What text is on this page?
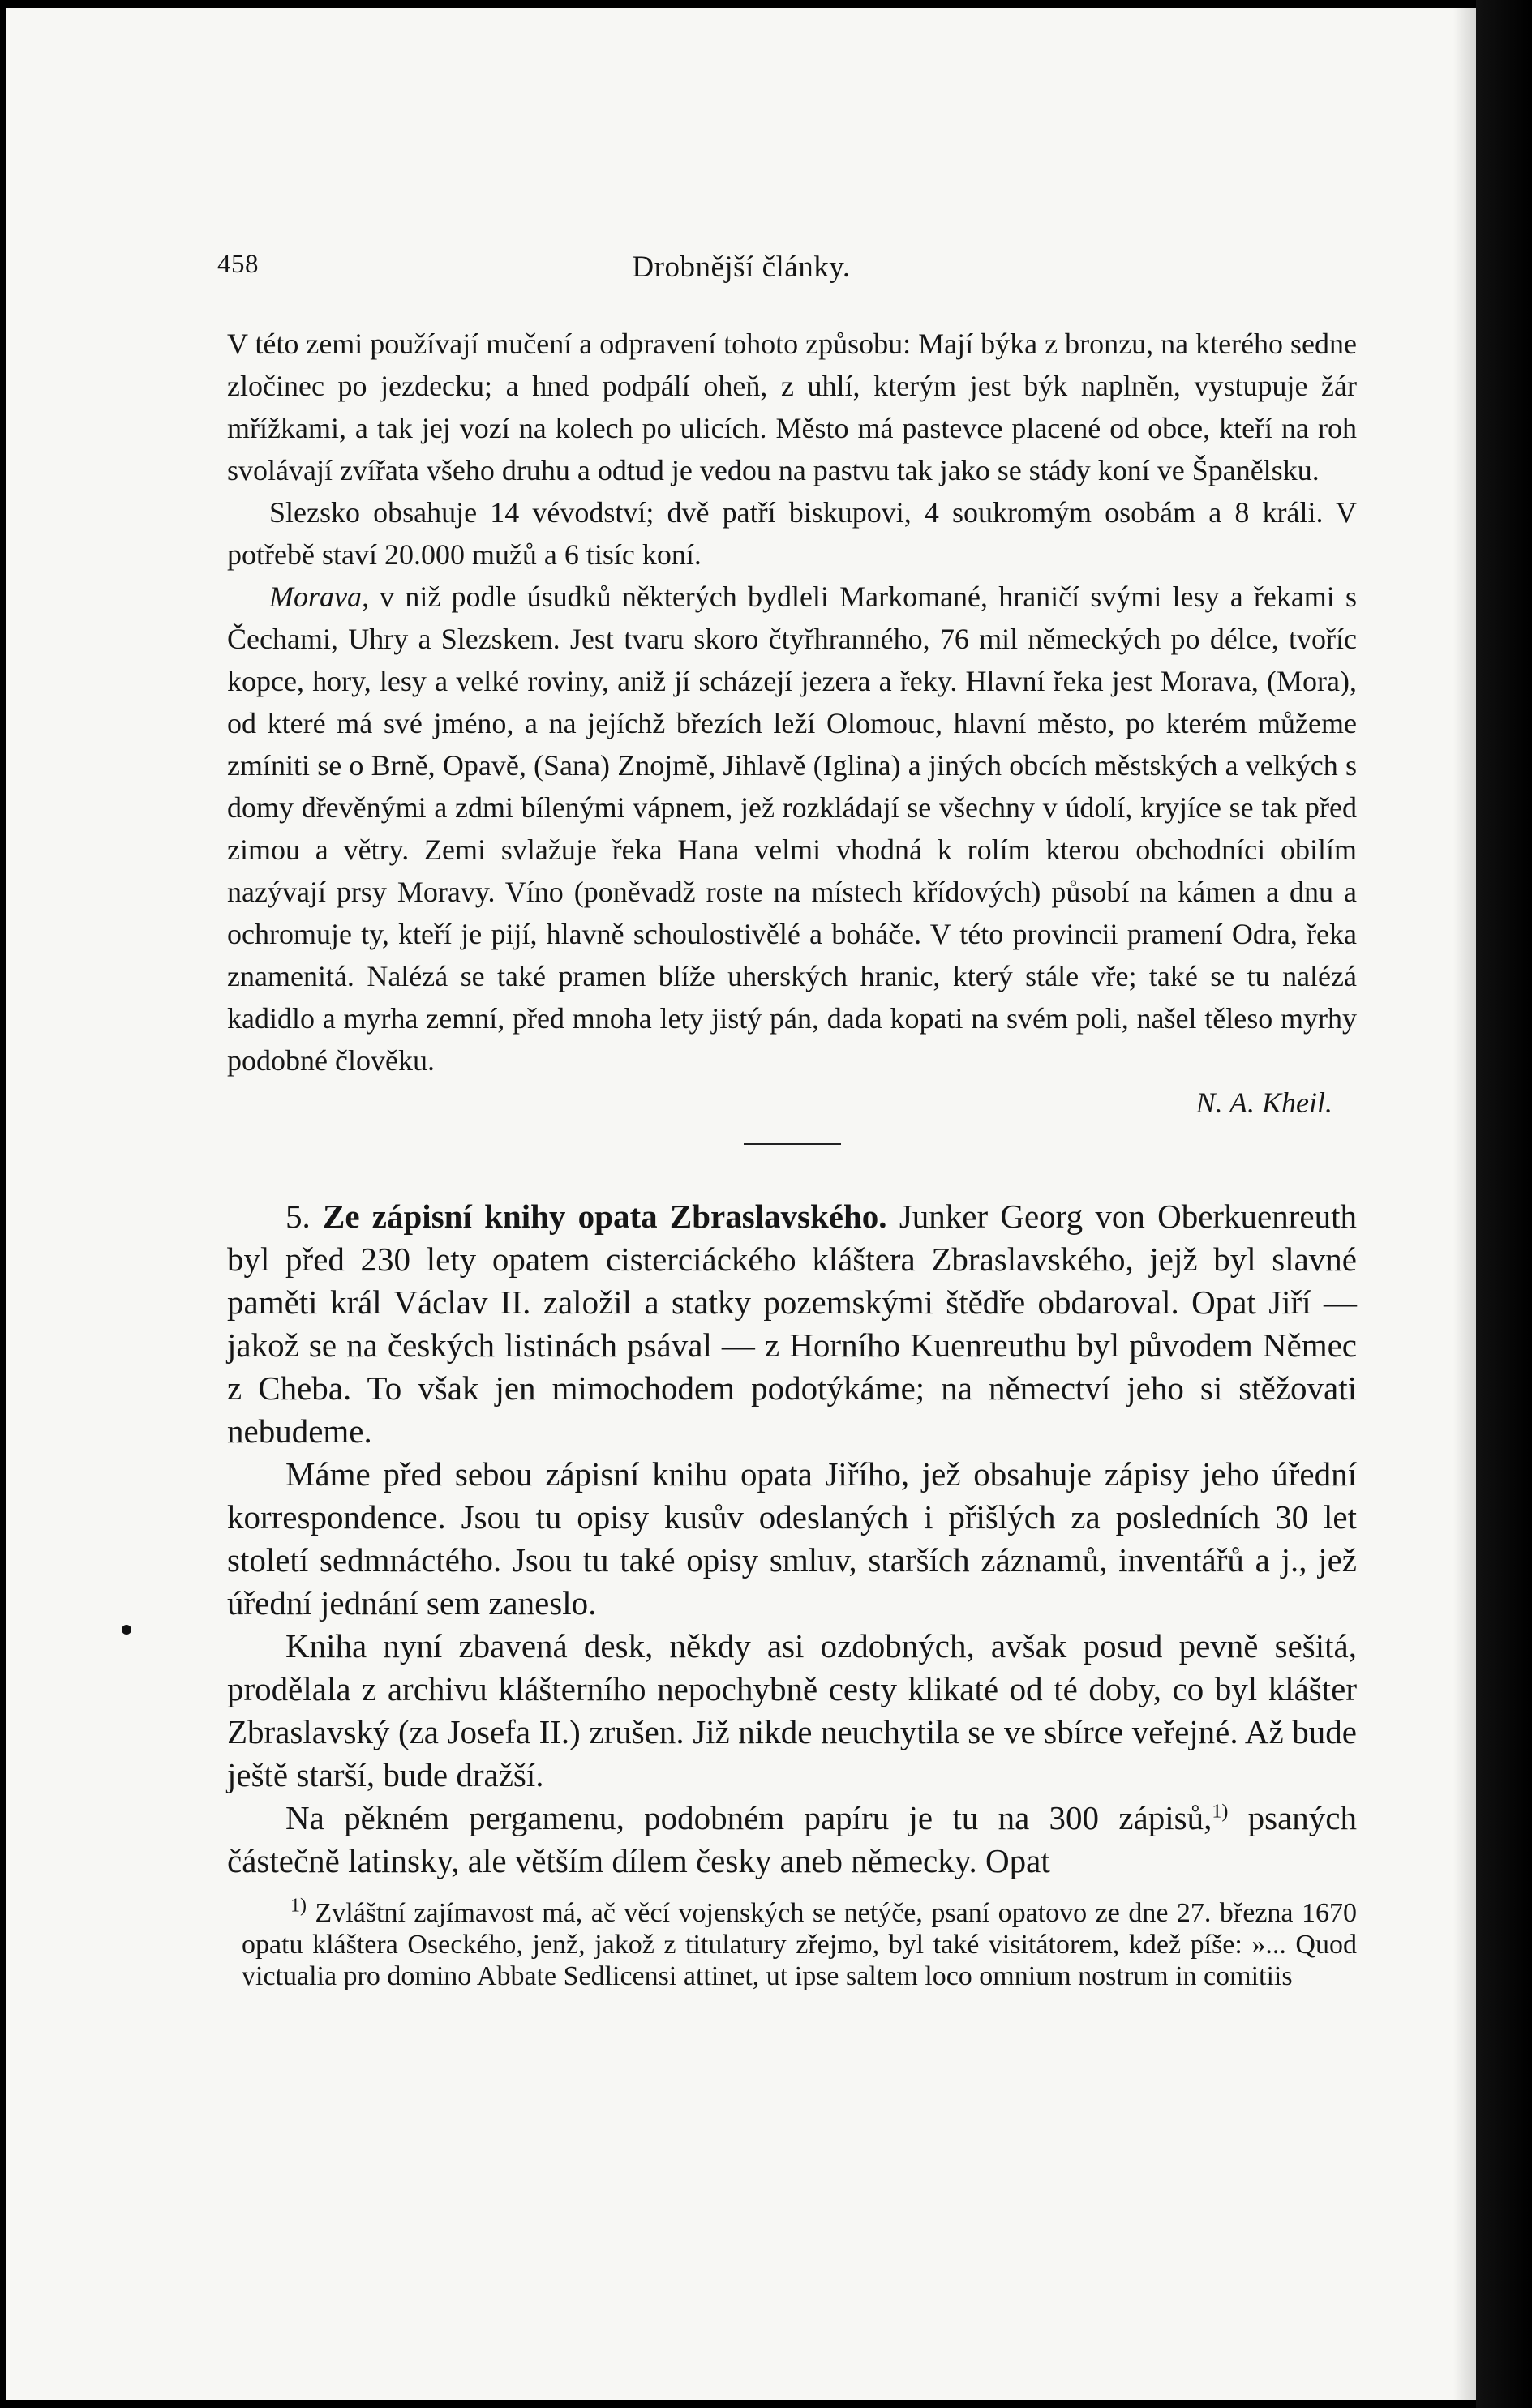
458	Drobnější články.

V této zemi používají mučení a odpravení tohoto způsobu: Mají býka z bronzu, na kterého sedne zločinec po jezdecku; a hned podpálí oheň, z uhlí, kterým jest býk naplněn, vystupuje žár mřížkami, a tak jej vozí na kolech po ulicích. Město má pastevce placené od obce, kteří na roh svolávají zvířata všeho druhu a odtud je vedou na pastvu tak jako se stády koní ve Španělsku.

Slezsko obsahuje 14 vévodství; dvě patří biskupovi, 4 soukromým osobám a 8 králi. V potřebě staví 20.000 mužů a 6 tisíc koní.

Morava, v niž podle úsudků některých bydleli Markomané, hraničí svými lesy a řekami s Čechami, Uhry a Slezskem. Jest tvaru skoro čtyřhranného, 76 mil německých po délce, tvoříc kopce, hory, lesy a velké roviny, aniž jí scházejí jezera a řeky. Hlavní řeka jest Morava, (Mora), od které má své jméno, a na jejíchž březích leží Olomouc, hlavní město, po kterém můžeme zmíniti se o Brně, Opavě, (Sana) Znojmě, Jihlavě (Iglina) a jiných obcích městských a velkých s domy dřevěnými a zdmi bílenými vápnem, jež rozkládají se všechny v údolí, kryjíce se tak před zimou a větry. Zemi svlažuje řeka Hana velmi vhodná k rolím kterou obchodníci obilím nazývají prsy Moravy. Víno (poněvadž roste na místech křídových) působí na kámen a dnu a ochromuje ty, kteří je pijí, hlavně schoulostivělé a boháče. V této provincii pramení Odra, řeka znamenitá. Nalézá se také pramen blíže uherských hranic, který stále vře; také se tu nalézá kadidlo a myrha zemní, před mnoha lety jistý pán, dada kopati na svém poli, našel těleso myrhy podobné člověku.

N. A. Kheil.

5. Ze zápisní knihy opata Zbraslavského. Junker Georg von Oberkuenreuth byl před 230 lety opatem cisterciáckého kláštera Zbraslavského, jejž byl slavné paměti král Václav II. založil a statky pozemskými štědře obdaroval. Opat Jiří — jakož se na českých listinách psával — z Horního Kuenreuthu byl původem Němec z Cheba. To však jen mimochodem podotýkáme; na němectví jeho si stěžovati nebudeme.

Máme před sebou zápisní knihu opata Jiřího, jež obsahuje zápisy jeho úřední korrespondence. Jsou tu opisy kusův odeslaných i přišlých za posledních 30 let století sedmnáctého. Jsou tu také opisy smluv, starších záznamů, inventářů a j., jež úřední jednání sem zaneslo.

Kniha nyní zbavená desk, někdy asi ozdobných, avšak posud pevně sešitá, prodělala z archivu klášterního nepochybně cesty klikaté od té doby, co byl klášter Zbraslavský (za Josefa II.) zrušen. Již nikde neuchytila se ve sbírce veřejné. Až bude ještě starší, bude dražší.

Na pěkném pergamenu, podobném papíru je tu na 300 zápisů,$^{1)}$ psaných částečně latinsky, ale větším dílem česky aneb německy. Opat

$^{1)}$ Zvláštní zajímavost má, ač věcí vojenských se netýče, psaní opatovo ze dne 27. března 1670 opatu kláštera Oseckého, jenž, jakož z titulatury zřejmo, byl také visitátorem, kdež píše: »... Quod victualia pro domino Abbate Sedlicensi attinet, ut ipse saltem loco omnium nostrum in comitiis
